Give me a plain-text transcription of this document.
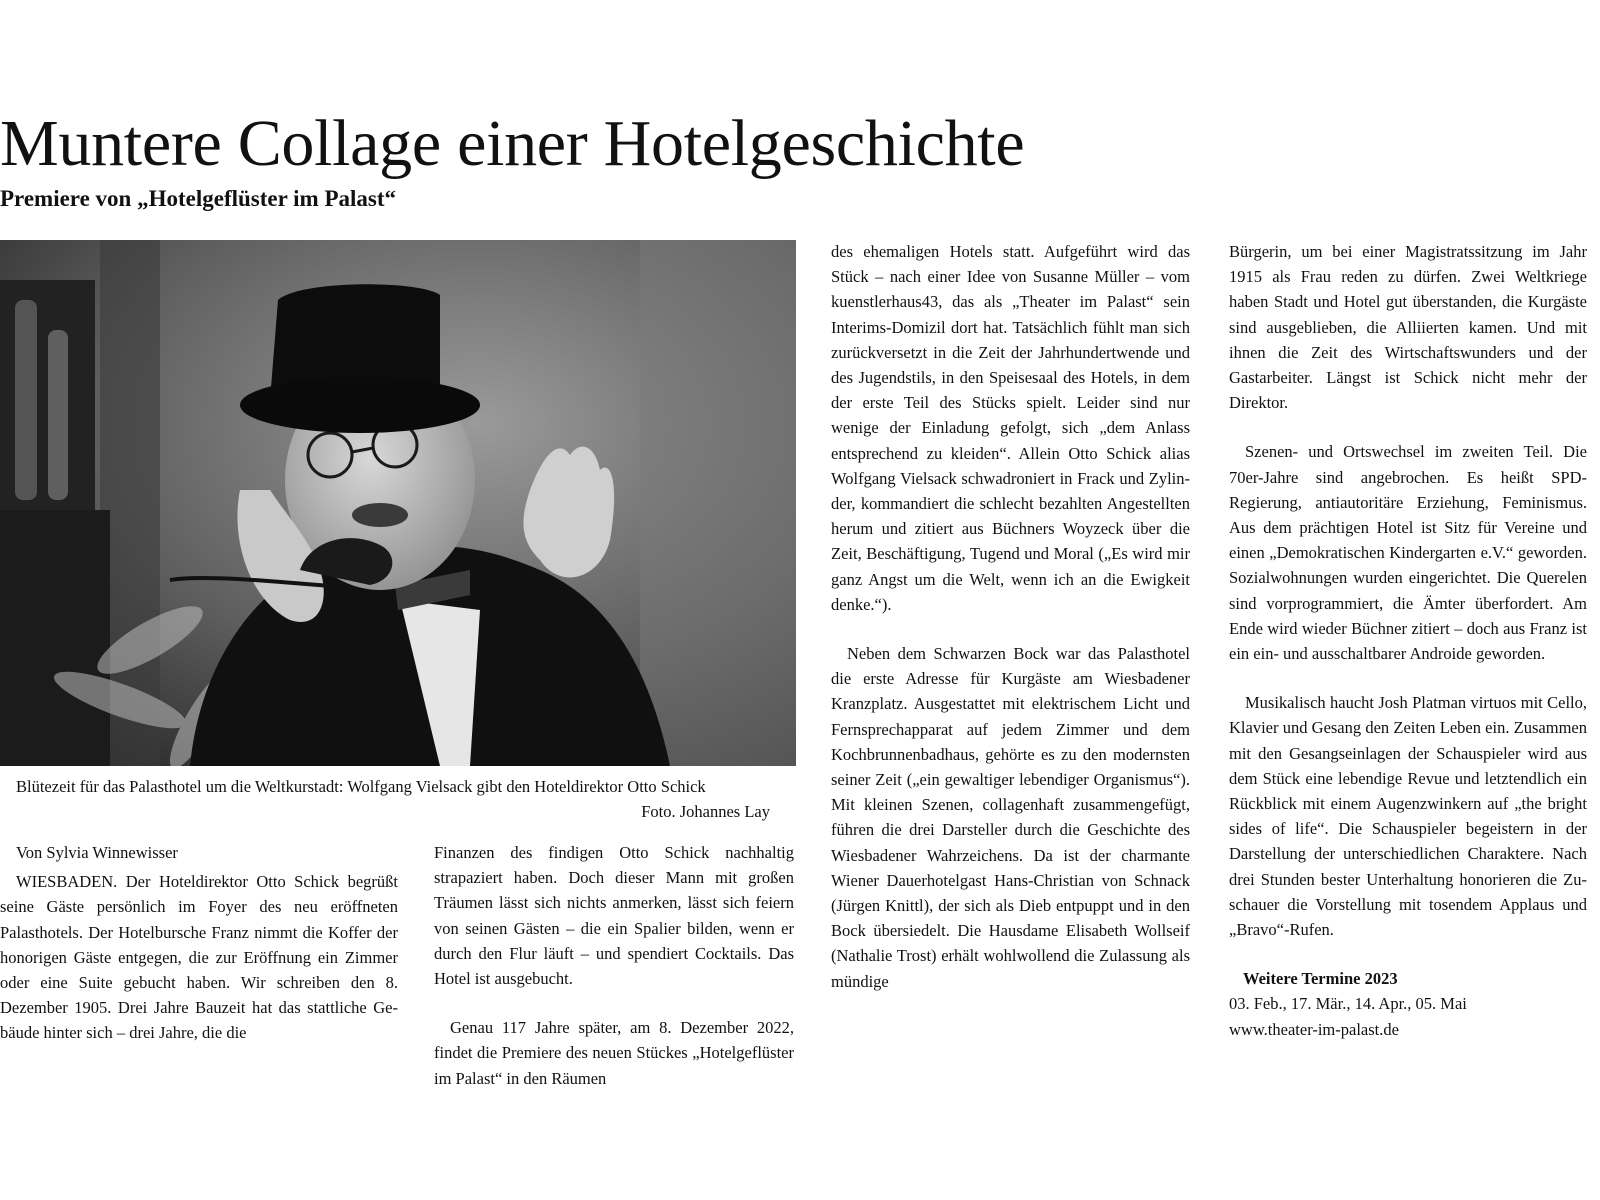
Muntere Collage einer Hotelgeschichte
Premiere von „Hotelgeflüster im Palast“
Blütezeit für das Palasthotel um die Weltkurstadt: Wolfgang Vielsack gibt den Hoteldirektor Otto Schick
Foto. Johannes Lay

Von Sylvia Winnewisser

WIESBADEN. Der Hoteldirektor Otto Schick begrüßt seine Gäste persönlich im Foyer des neu eröffneten Palasthotels. Der Hotelbursche Franz nimmt die Koffer der honorigen Gäste entgegen, die zur Eröffnung ein Zimmer oder eine Suite gebucht haben. Wir schreiben den 8. Dezember 1905. Drei Jahre Bauzeit hat das stattliche Gebäude hinter sich – drei Jahre, die die

Finanzen des findigen Otto Schick nachhaltig strapaziert haben. Doch dieser Mann mit großen Träumen lässt sich nichts anmerken, lässt sich feiern von seinen Gästen – die ein Spalier bilden, wenn er durch den Flur läuft – und spendiert Cocktails. Das Hotel ist ausgebucht.

Genau 117 Jahre später, am 8. Dezember 2022, findet die Premiere des neuen Stückes „Hotelgeflüster im Palast“ in den Räumen

des ehemaligen Hotels statt. Aufgeführt wird das Stück – nach einer Idee von Susanne Müller – vom kuenstlerhaus43, das als „Theater im Palast“ sein Interims-Domizil dort hat. Tatsächlich fühlt man sich zurückversetzt in die Zeit der Jahrhundertwende und des Jugendstils, in den Speisesaal des Hotels, in dem der erste Teil des Stücks spielt. Leider sind nur wenige der Einladung gefolgt, sich „dem Anlass entsprechend zu kleiden“. Allein Otto Schick alias Wolfgang Vielsack schwadroniert in Frack und Zylinder, kommandiert die schlecht bezahlten Angestellten herum und zitiert aus Büchners Woyzeck über die Zeit, Beschäftigung, Tugend und Moral („Es wird mir ganz Angst um die Welt, wenn ich an die Ewigkeit denke.“).

Neben dem Schwarzen Bock war das Palasthotel die erste Adresse für Kurgäste am Wiesbadener Kranzplatz. Ausgestattet mit elektrischem Licht und Fernsprechapparat auf jedem Zimmer und dem Kochbrunnenbadhaus, gehörte es zu den modernsten seiner Zeit („ein gewaltiger lebendiger Organismus“). Mit kleinen Szenen, collagenhaft zusammengefügt, führen die drei Darsteller durch die Geschichte des Wiesbadener Wahrzeichens. Da ist der charmante Wiener Dauerhotelgast Hans-Christian von Schnack (Jürgen Knittl), der sich als Dieb entpuppt und in den Bock übersiedelt. Die Hausdame Elisabeth Wollseif (Nathalie Trost) erhält wohlwollend die Zulassung als mündige

Bürgerin, um bei einer Magistratssitzung im Jahr 1915 als Frau reden zu dürfen. Zwei Weltkriege haben Stadt und Hotel gut überstanden, die Kurgäste sind ausgeblieben, die Alliierten kamen. Und mit ihnen die Zeit des Wirtschaftswunders und der Gastarbeiter. Längst ist Schick nicht mehr der Direktor.

Szenen- und Ortswechsel im zweiten Teil. Die 70er-Jahre sind angebrochen. Es heißt SPD-Regierung, antiautoritäre Erziehung, Feminismus. Aus dem prächtigen Hotel ist Sitz für Vereine und einen „Demokratischen Kindergarten e.V.“ geworden. Sozialwohnungen wurden eingerichtet. Die Querelen sind vorprogrammiert, die Ämter überfordert. Am Ende wird wieder Büchner zitiert – doch aus Franz ist ein ein- und ausschaltbarer Androide geworden.

Musikalisch haucht Josh Platman virtuos mit Cello, Klavier und Gesang den Zeiten Leben ein. Zusammen mit den Gesangseinlagen der Schauspieler wird aus dem Stück eine lebendige Revue und letztendlich ein Rückblick mit einem Augenzwinkern auf „the bright sides of life“. Die Schauspieler begeistern in der Darstellung der unterschiedlichen Charaktere. Nach drei Stunden bester Unterhaltung honorieren die Zuschauer die Vorstellung mit tosendem Applaus und „Bravo“-Rufen.

Weitere Termine 2023

03. Feb., 17. Mär., 14. Apr., 05. Mai

www.theater-im-palast.de
